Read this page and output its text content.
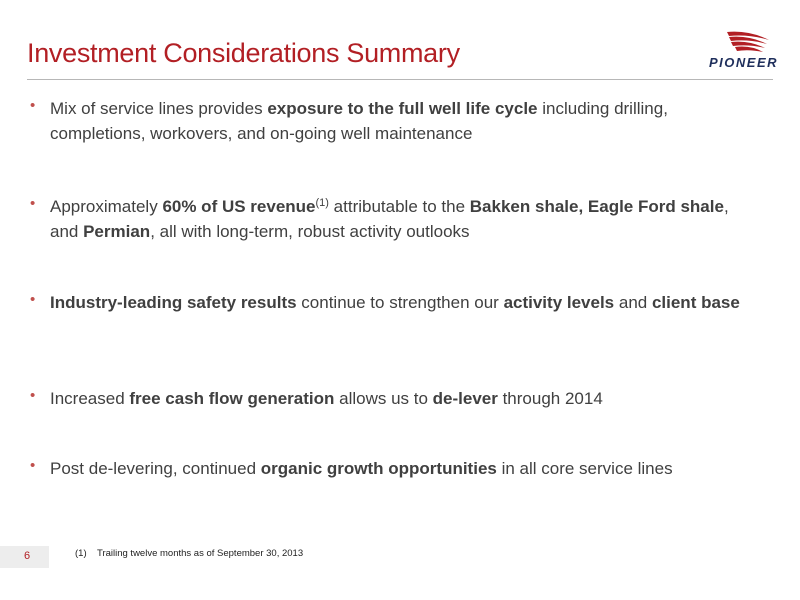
Investment Considerations Summary	PIONEER
• Mix of service lines provides exposure to the full well life cycle including drilling, completions, workovers, and on-going well maintenance
• Approximately 60% of US revenue$^{(1)}$ attributable to the Bakken shale, Eagle Ford shale, and Permian, all with long-term, robust activity outlooks
• Industry-leading safety results continue to strengthen our activity levels and client base
• Increased free cash flow generation allows us to de-lever through 2014
• Post de-levering, continued organic growth opportunities in all core service lines
6	(1) Trailing twelve months as of September 30, 2013
